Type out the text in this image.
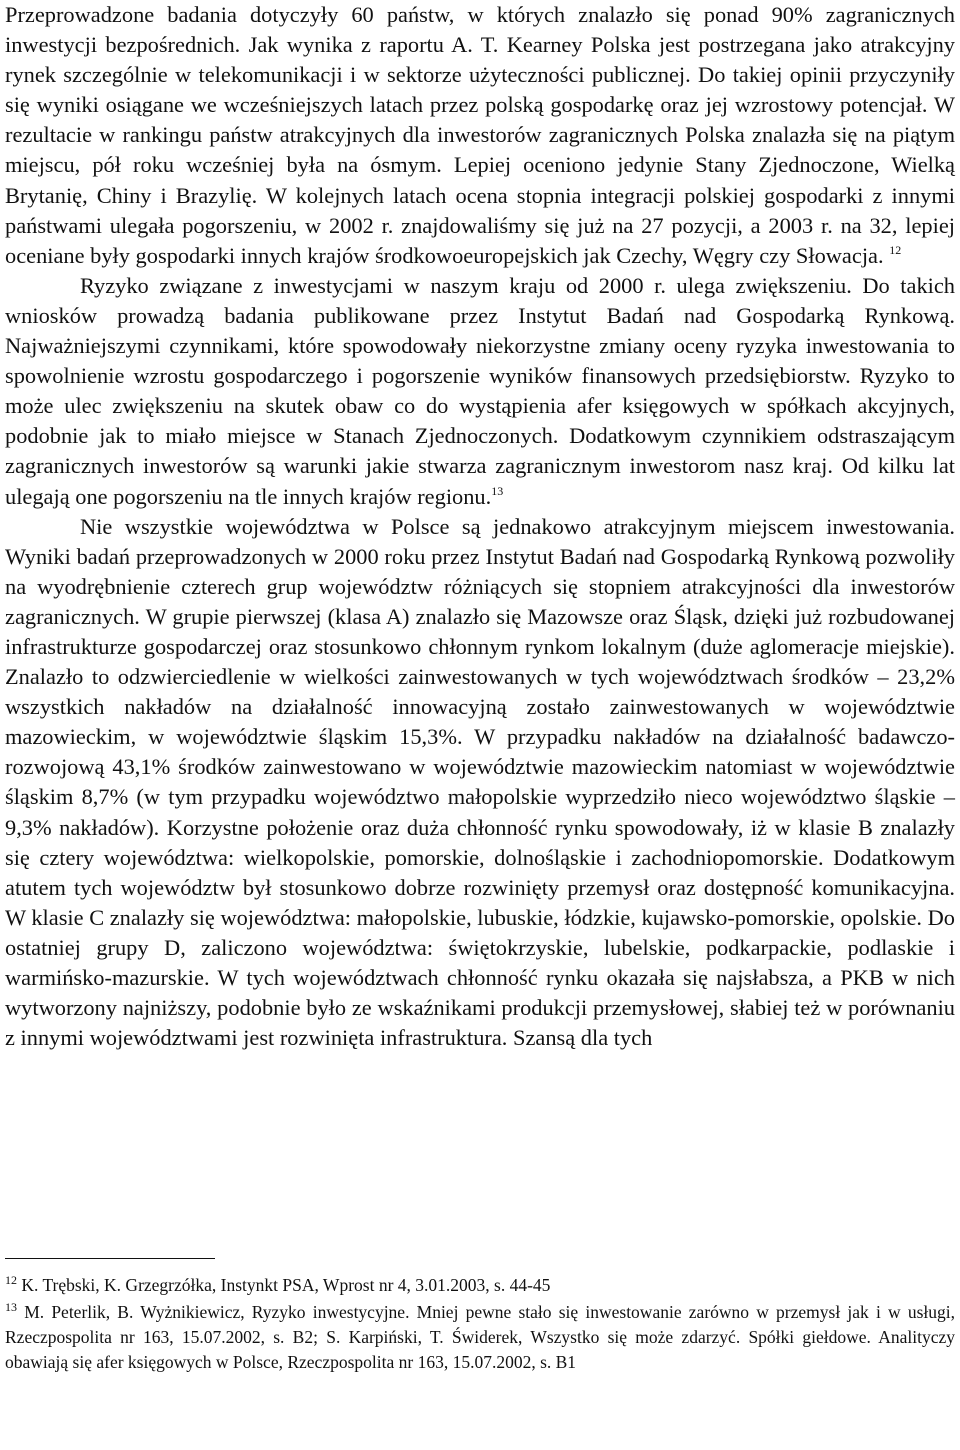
Przeprowadzone badania dotyczyły 60 państw, w których znalazło się ponad 90% zagranicznych inwestycji bezpośrednich. Jak wynika z raportu A. T. Kearney Polska jest postrzegana jako atrakcyjny rynek szczególnie w telekomunikacji i w sektorze użyteczności publicznej. Do takiej opinii przyczyniły się wyniki osiągane we wcześniejszych latach przez polską gospodarkę oraz jej wzrostowy potencjał. W rezultacie w rankingu państw atrakcyjnych dla inwestorów zagranicznych Polska znalazła się na piątym miejscu, pół roku wcześniej była na ósmym. Lepiej oceniono jedynie Stany Zjednoczone, Wielką Brytanię, Chiny i Brazylię. W kolejnych latach ocena stopnia integracji polskiej gospodarki z innymi państwami ulegała pogorszeniu, w 2002 r. znajdowaliśmy się już na 27 pozycji, a 2003 r. na 32, lepiej oceniane były gospodarki innych krajów środkowoeuropejskich jak Czechy, Węgry czy Słowacja. $^{12}$

Ryzyko związane z inwestycjami w naszym kraju od 2000 r. ulega zwiększeniu. Do takich wniosków prowadzą badania publikowane przez Instytut Badań nad Gospodarką Rynkową. Najważniejszymi czynnikami, które spowodowały niekorzystne zmiany oceny ryzyka inwestowania to spowolnienie wzrostu gospodarczego i pogorszenie wyników finansowych przedsiębiorstw. Ryzyko to może ulec zwiększeniu na skutek obaw co do wystąpienia afer księgowych w spółkach akcyjnych, podobnie jak to miało miejsce w Stanach Zjednoczonych. Dodatkowym czynnikiem odstraszającym zagranicznych inwestorów są warunki jakie stwarza zagranicznym inwestorom nasz kraj. Od kilku lat ulegają one pogorszeniu na tle innych krajów regionu.$^{13}$

Nie wszystkie województwa w Polsce są jednakowo atrakcyjnym miejscem inwestowania. Wyniki badań przeprowadzonych w 2000 roku przez Instytut Badań nad Gospodarką Rynkową pozwoliły na wyodrębnienie czterech grup województw różniących się stopniem atrakcyjności dla inwestorów zagranicznych. W grupie pierwszej (klasa A) znalazło się Mazowsze oraz Śląsk, dzięki już rozbudowanej infrastrukturze gospodarczej oraz stosunkowo chłonnym rynkom lokalnym (duże aglomeracje miejskie). Znalazło to odzwierciedlenie w wielkości zainwestowanych w tych województwach środków – 23,2% wszystkich nakładów na działalność innowacyjną zostało zainwestowanych w województwie mazowieckim, w województwie śląskim 15,3%. W przypadku nakładów na działalność badawczo-rozwojową 43,1% środków zainwestowano w województwie mazowieckim natomiast w województwie śląskim 8,7% (w tym przypadku województwo małopolskie wyprzedziło nieco województwo śląskie – 9,3% nakładów). Korzystne położenie oraz duża chłonność rynku spowodowały, iż w klasie B znalazły się cztery województwa: wielkopolskie, pomorskie, dolnośląskie i zachodniopomorskie. Dodatkowym atutem tych województw był stosunkowo dobrze rozwinięty przemysł oraz dostępność komunikacyjna. W klasie C znalazły się województwa: małopolskie, lubuskie, łódzkie, kujawsko-pomorskie, opolskie. Do ostatniej grupy D, zaliczono województwa: świętokrzyskie, lubelskie, podkarpackie, podlaskie i warmińsko-mazurskie. W tych województwach chłonność rynku okazała się najsłabsza, a PKB w nich wytworzony najniższy, podobnie było ze wskaźnikami produkcji przemysłowej, słabiej też w porównaniu z innymi województwami jest rozwinięta infrastruktura. Szansą dla tych

$^{12}$ K. Trębski, K. Grzegrzółka, Instynkt PSA, Wprost nr 4, 3.01.2003, s. 44-45

$^{13}$ M. Peterlik, B. Wyżnikiewicz, Ryzyko inwestycyjne. Mniej pewne stało się inwestowanie zarówno w przemysł jak i w usługi, Rzeczpospolita nr 163, 15.07.2002, s. B2; S. Karpiński, T. Świderek, Wszystko się może zdarzyć. Spółki giełdowe. Analityczy obawiają się afer księgowych w Polsce, Rzeczpospolita nr 163, 15.07.2002, s. B1
